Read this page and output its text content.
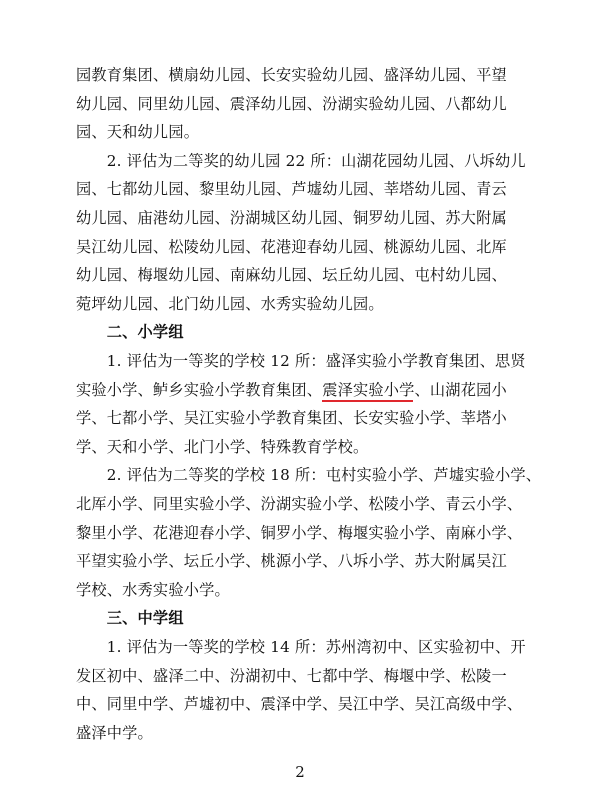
园教育集团、横扇幼儿园、长安实验幼儿园、盛泽幼儿园、平望
幼儿园、同里幼儿园、震泽幼儿园、汾湖实验幼儿园、八都幼儿
园、天和幼儿园。
　　2. 评估为二等奖的幼儿园 22 所：山湖花园幼儿园、八坼幼儿
园、七都幼儿园、黎里幼儿园、芦墟幼儿园、莘塔幼儿园、青云
幼儿园、庙港幼儿园、汾湖城区幼儿园、铜罗幼儿园、苏大附属
吴江幼儿园、松陵幼儿园、花港迎春幼儿园、桃源幼儿园、北厍
幼儿园、梅堰幼儿园、南麻幼儿园、坛丘幼儿园、屯村幼儿园、
菀坪幼儿园、北门幼儿园、水秀实验幼儿园。
　　二、小学组
　　1. 评估为一等奖的学校 12 所：盛泽实验小学教育集团、思贤
实验小学、鲈乡实验小学教育集团、震泽实验小学、山湖花园小
学、七都小学、吴江实验小学教育集团、长安实验小学、莘塔小
学、天和小学、北门小学、特殊教育学校。
　　2. 评估为二等奖的学校 18 所：屯村实验小学、芦墟实验小学、
北厍小学、同里实验小学、汾湖实验小学、松陵小学、青云小学、
黎里小学、花港迎春小学、铜罗小学、梅堰实验小学、南麻小学、
平望实验小学、坛丘小学、桃源小学、八坼小学、苏大附属吴江
学校、水秀实验小学。
　　三、中学组
　　1. 评估为一等奖的学校 14 所：苏州湾初中、区实验初中、开
发区初中、盛泽二中、汾湖初中、七都中学、梅堰中学、松陵一
中、同里中学、芦墟初中、震泽中学、吴江中学、吴江高级中学、
盛泽中学。
2
